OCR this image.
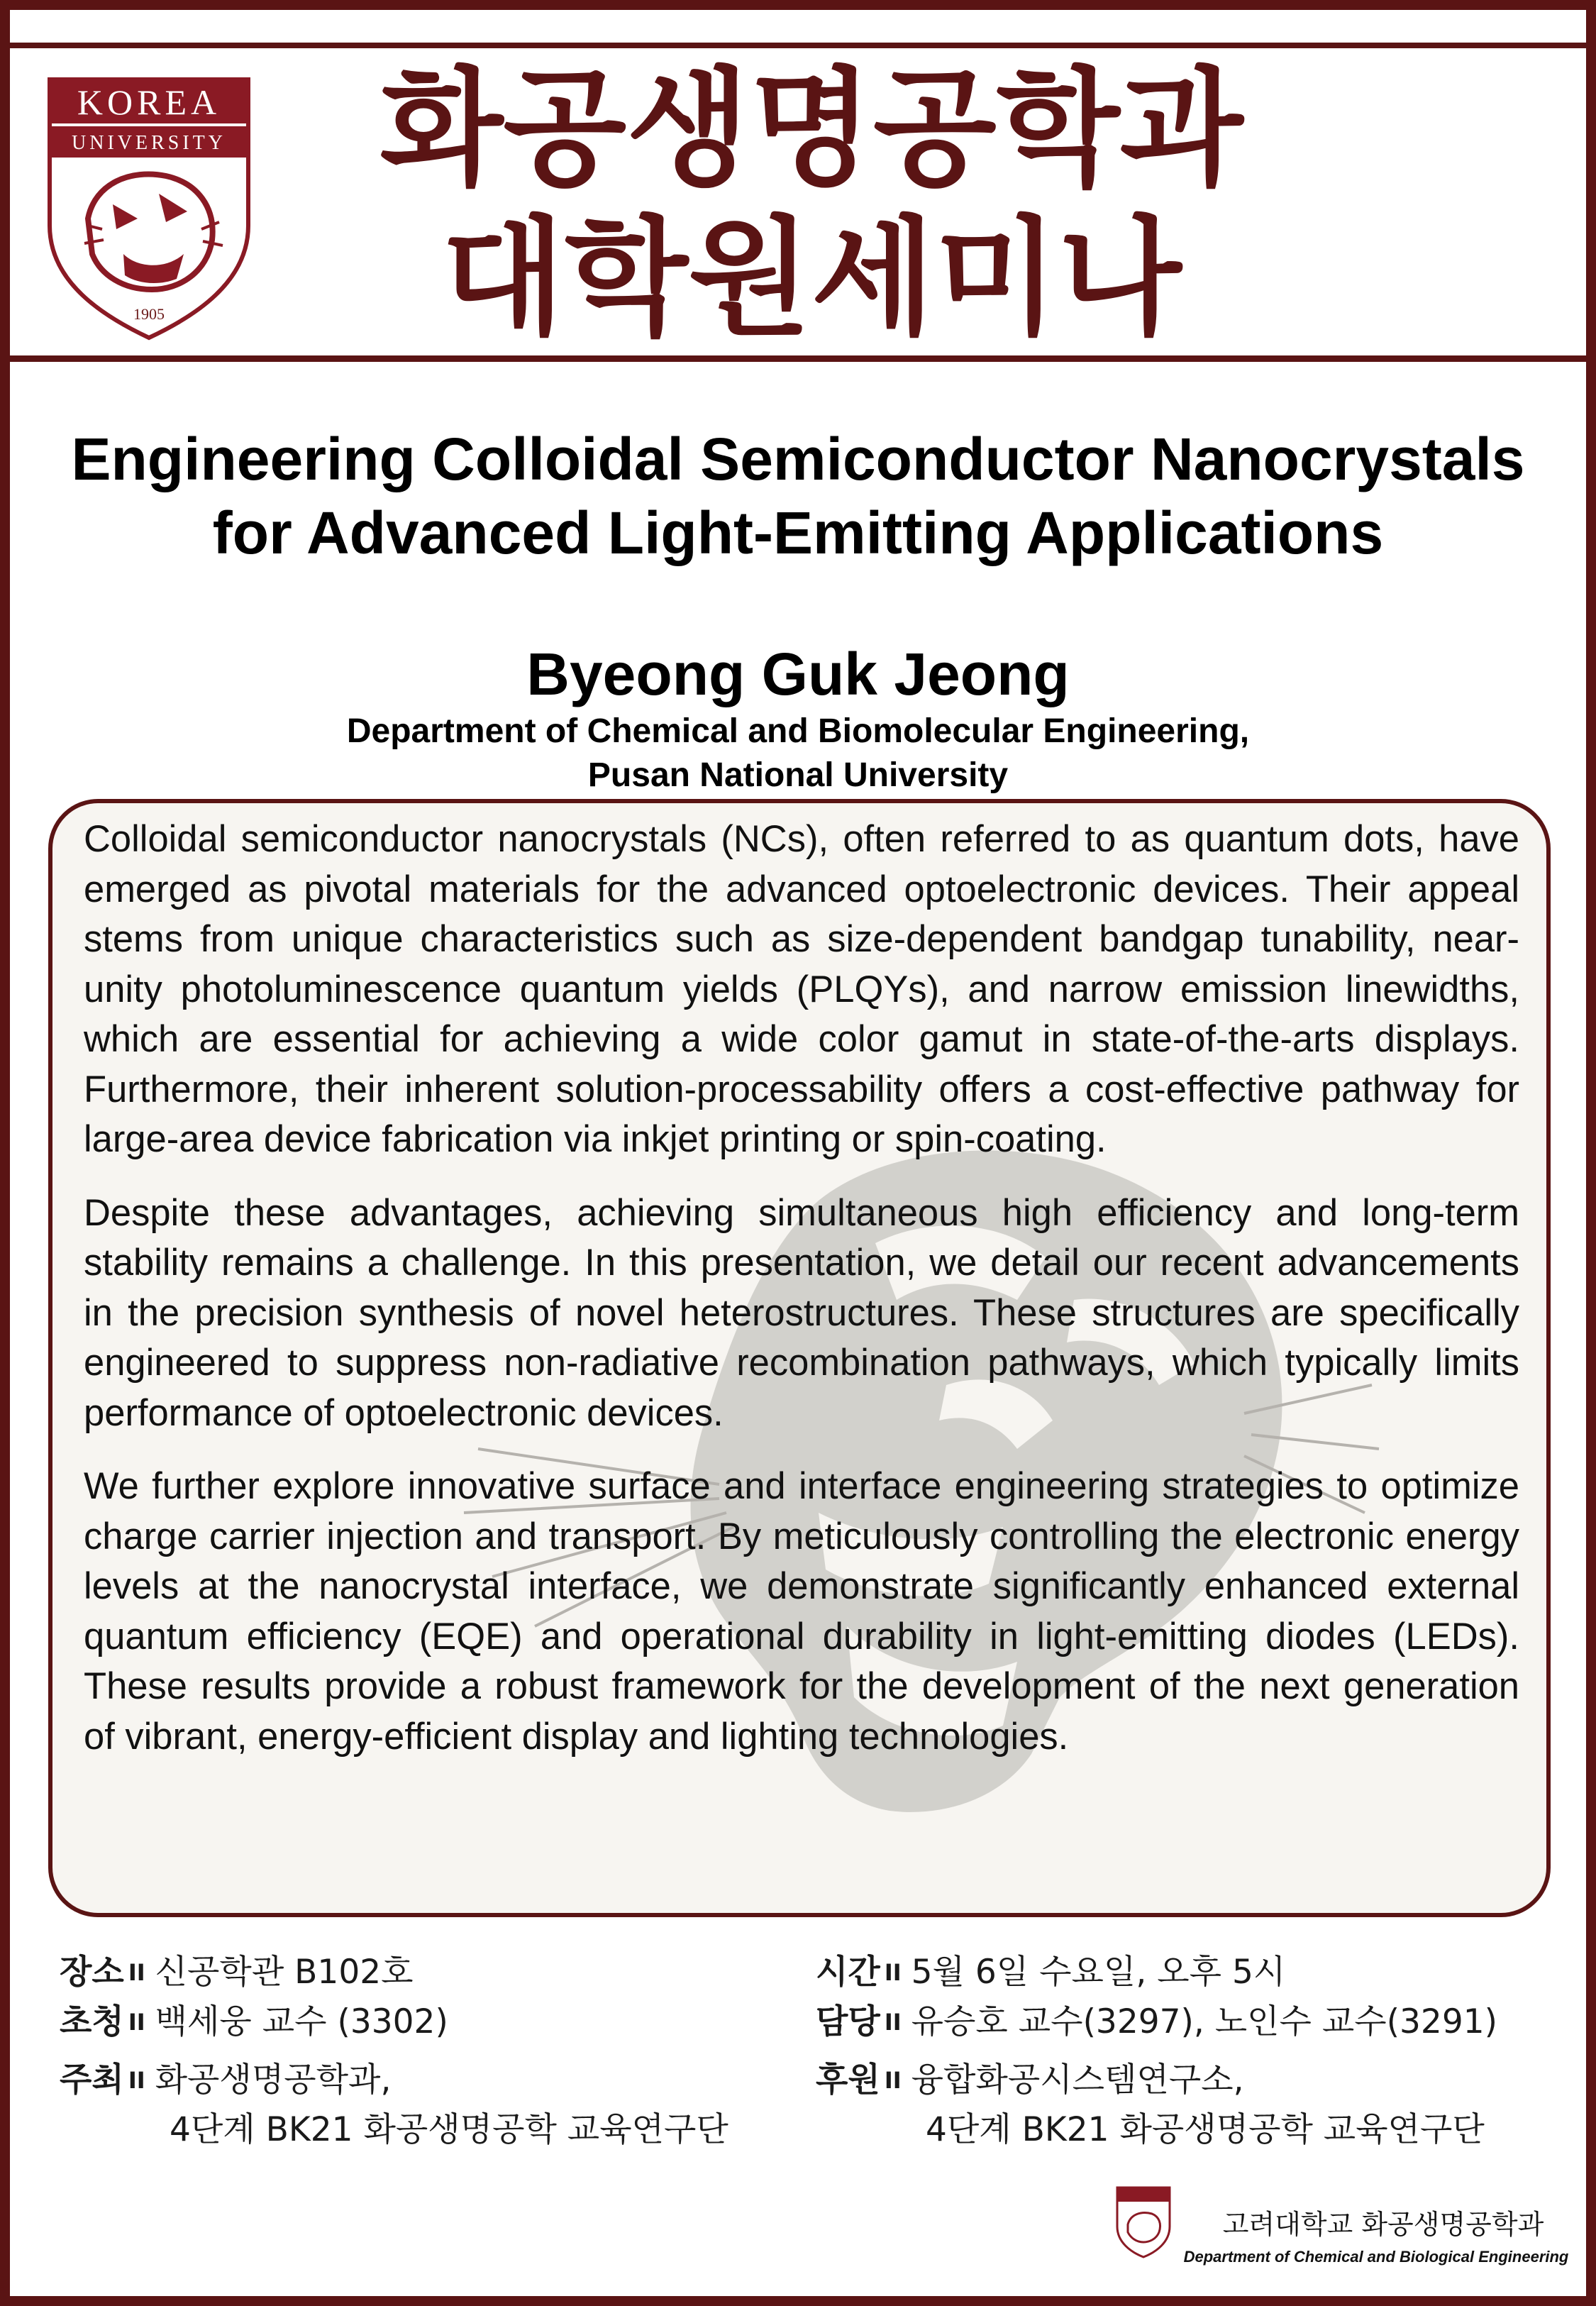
KOREA
UNIVERSITY
1905
화공생명공학과
대학원세미나
Engineering Colloidal Semiconductor Nanocrystals
for Advanced Light-Emitting Applications
Byeong Guk Jeong
Department of Chemical and Biomolecular Engineering,
Pusan National University

Colloidal semiconductor nanocrystals (NCs), often referred to as quantum dots, have emerged as pivotal materials for the advanced optoelectronic devices. Their appeal stems from unique characteristics such as size-dependent bandgap tunability, near-unity photoluminescence quantum yields (PLQYs), and narrow emission linewidths, which are essential for achieving a wide color gamut in state-of-the-arts displays. Furthermore, their inherent solution-processability offers a cost-effective pathway for large-area device fabrication via inkjet printing or spin-coating.

Despite these advantages, achieving simultaneous high efficiency and long-term stability remains a challenge. In this presentation, we detail our recent advancements in the precision synthesis of novel heterostructures. These structures are specifically engineered to suppress non-radiative recombination pathways, which typically limits performance of optoelectronic devices.

We further explore innovative surface and interface engineering strategies to optimize charge carrier injection and transport. By meticulously controlling the electronic energy levels at the nanocrystal interface, we demonstrate significantly enhanced external quantum efficiency (EQE) and operational durability in light-emitting diodes (LEDs). These results provide a robust framework for the development of the next generation of vibrant, energy-efficient display and lighting technologies.

장소 II 신공학관 B102호
초청 II 백세웅 교수 (3302)
주최 II 화공생명공학과,
4단계 BK21 화공생명공학 교육연구단
시간 II 5월 6일 수요일, 오후 5시
담당 II 유승호 교수(3297), 노인수 교수(3291)
후원 II 융합화공시스템연구소,
4단계 BK21 화공생명공학 교육연구단
고려대학교 화공생명공학과
Department of Chemical and Biological Engineering
